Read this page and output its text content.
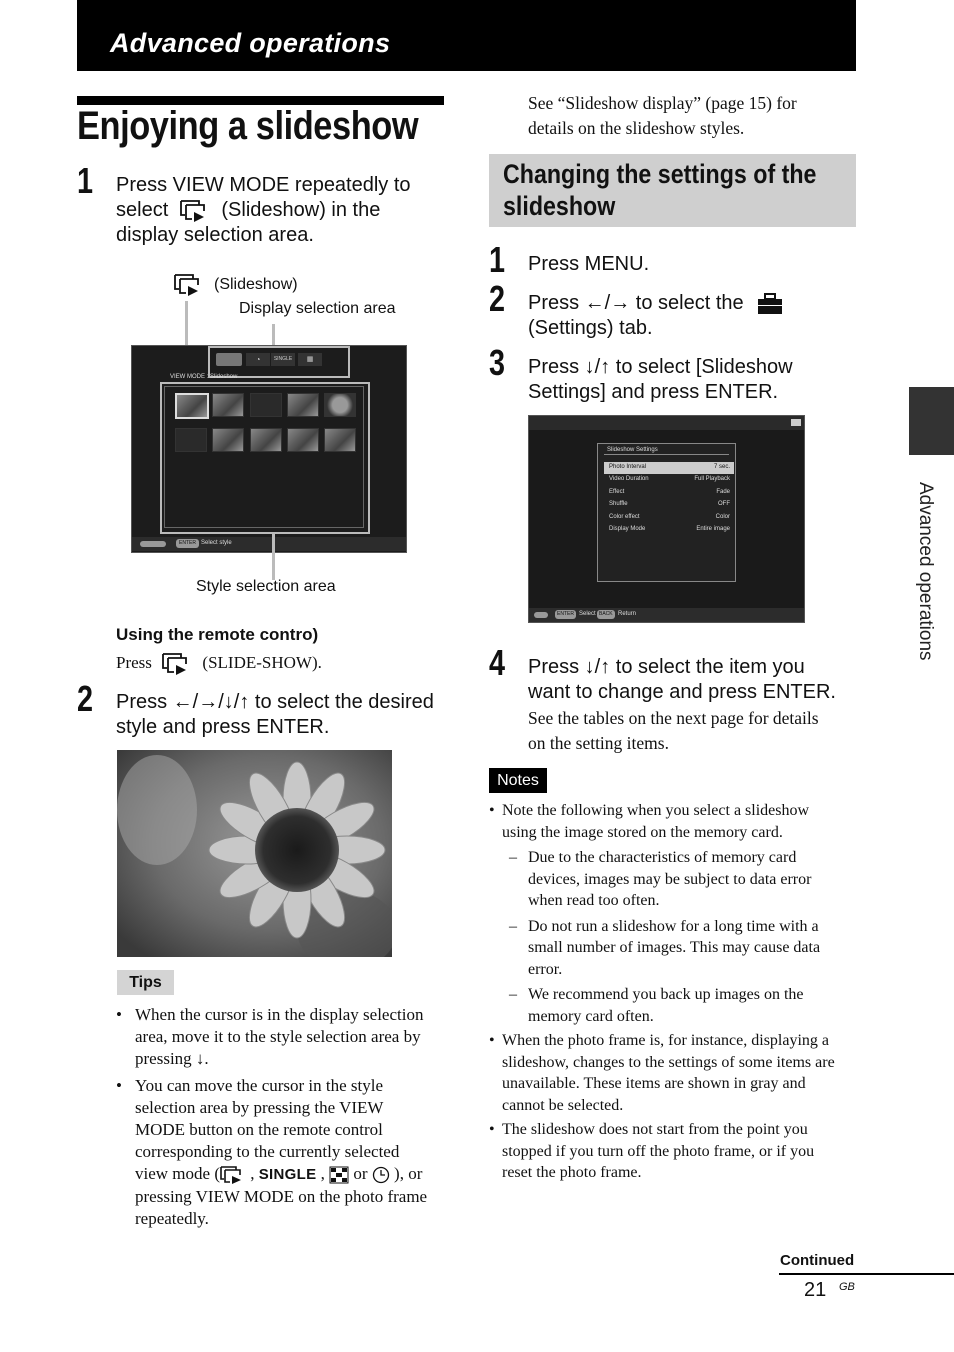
Advanced operations
Enjoying a slideshow
1 Press VIEW MODE repeatedly to
select	(Slideshow) in the
display selection area.
(Slideshow)
Display selection area
◔	SINGLE	▦
VIEW MODE : Slideshow
ENTER Select style
Style selection area
Using the remote contro)
Press	(SLIDE-SHOW).
2 Press ←/→/↓/↑ to select the desired
style and press ENTER.
Tips
• When the cursor is in the display selection
area, move it to the style selection area by
pressing ↓.
• You can move the cursor in the style
selection area by pressing the VIEW
MODE button on the remote control
corresponding to the currently selected
view mode ( , SINGLE ,  or ), or
pressing VIEW MODE on the photo frame
repeatedly.
See “Slideshow display” (page 15) for
details on the slideshow styles.
Changing the settings of the
slideshow
1 Press MENU.
2 Press ←/→ to select the
(Settings) tab.
3 Press ↓/↑ to select [Slideshow
Settings] and press ENTER.
Slideshow Settings
Photo Interval	7 sec.
Video Duration	Full Playback
Effect	Fade
Shuffle	OFF
Color effect	Color
Display Mode	Entire image
ENTER Select BACK Return
4 Press ↓/↑ to select the item you
want to change and press ENTER.
See the tables on the next page for details
on the setting items.
Notes
• Note the following when you select a slideshow
using the image stored on the memory card.
– Due to the characteristics of memory card
devices, images may be subject to data error
when read too often.
– Do not run a slideshow for a long time with a
small number of images. This may cause data
error.
– We recommend you back up images on the
memory card often.
• When the photo frame is, for instance, displaying a
slideshow, changes to the settings of some items are
unavailable. These items are shown in gray and
cannot be selected.
• The slideshow does not start from the point you
stopped if you turn off the photo frame, or if you
reset the photo frame.
Advanced operations
Continued
21 GB
